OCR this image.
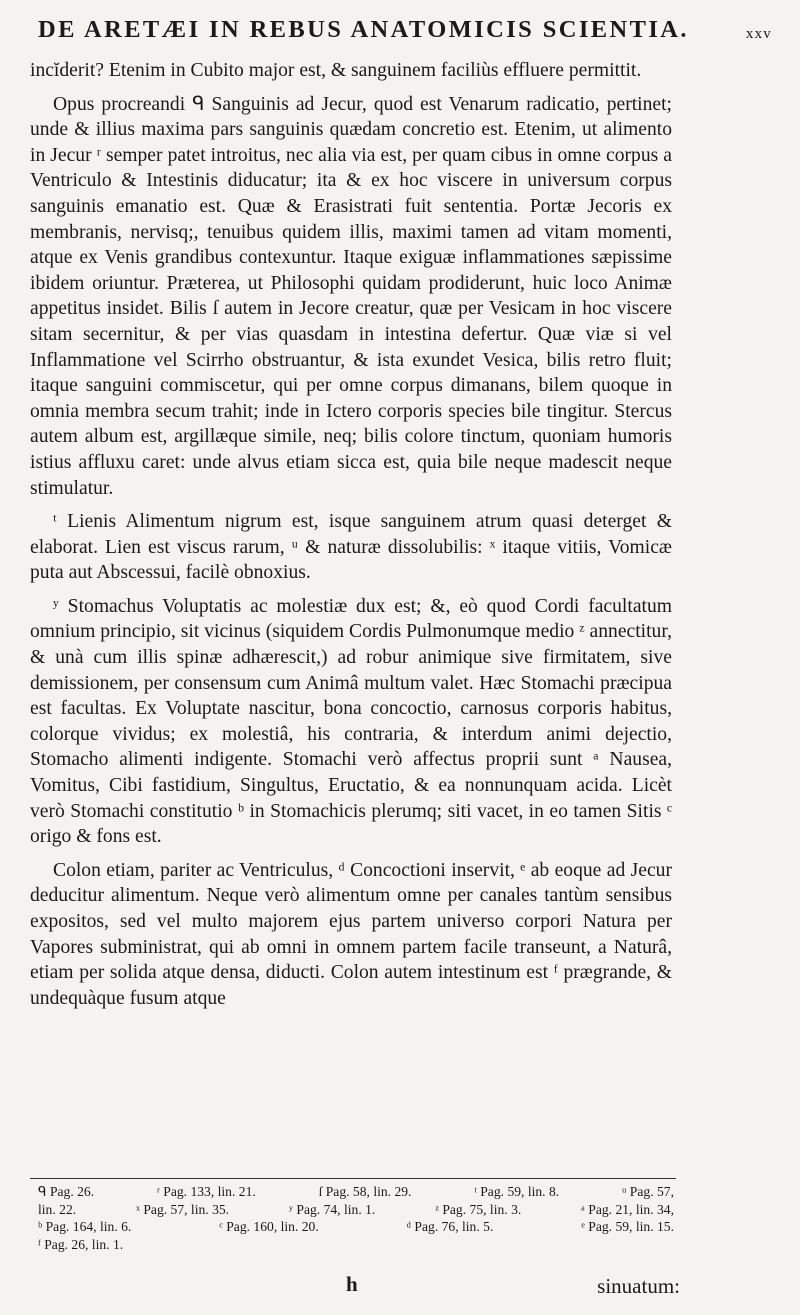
DE ARETÆI IN REBUS ANATOMICIS SCIENTIA.	xxv

incĭderit? Etenim in Cubito major est, & sanguinem faciliùs effluere permittit.

Opus procreandi ᑫ Sanguinis ad Jecur, quod est Venarum radicatio, pertinet; unde & illius maxima pars sanguinis quædam concretio est. Etenim, ut alimento in Jecur ʳ semper patet introitus, nec alia via est, per quam cibus in omne corpus a Ventriculo & Intestinis diducatur; ita & ex hoc viscere in universum corpus sanguinis emanatio est. Quæ & Erasistrati fuit sententia. Portæ Jecoris ex membranis, nervisq;, tenuibus quidem illis, maximi tamen ad vitam momenti, atque ex Venis grandibus contexuntur. Itaque exiguæ inflammationes sæpissime ibidem oriuntur. Præterea, ut Philosophi quidam prodiderunt, huic loco Animæ appetitus insidet. Bilis ſ autem in Jecore creatur, quæ per Vesicam in hoc viscere sitam secernitur, & per vias quasdam in intestina defertur. Quæ viæ si vel Inflammatione vel Scirrho obstruantur, & ista exundet Vesica, bilis retro fluit; itaque sanguini commiscetur, qui per omne corpus dimanans, bilem quoque in omnia membra secum trahit; inde in Ictero corporis species bile tingitur. Stercus autem album est, argillæque simile, neq; bilis colore tinctum, quoniam humoris istius affluxu caret: unde alvus etiam sicca est, quia bile neque madescit neque stimulatur.

ᵗ Lienis Alimentum nigrum est, isque sanguinem atrum quasi deterget & elaborat. Lien est viscus rarum, ᵘ & naturæ dissolubilis: ˣ itaque vitiis, Vomicæ puta aut Abscessui, facilè obnoxius.

ʸ Stomachus Voluptatis ac molestiæ dux est; &, eò quod Cordi facultatum omnium principio, sit vicinus (siquidem Cordis Pulmonumque medio ᶻ annectitur, & unà cum illis spinæ adhærescit,) ad robur animique sive firmitatem, sive demissionem, per consensum cum Animâ multum valet. Hæc Stomachi præcipua est facultas. Ex Voluptate nascitur, bona concoctio, carnosus corporis habitus, colorque vividus; ex molestiâ, his contraria, & interdum animi dejectio, Stomacho alimenti indigente. Stomachi verò affectus proprii sunt ᵃ Nausea, Vomitus, Cibi fastidium, Singultus, Eructatio, & ea nonnunquam acida. Licèt verò Stomachi constitutio ᵇ in Stomachicis plerumq; siti vacet, in eo tamen Sitis ᶜ origo & fons est.

Colon etiam, pariter ac Ventriculus, ᵈ Concoctioni inservit, ᵉ ab eoque ad Jecur deducitur alimentum. Neque verò alimentum omne per canales tantùm sensibus expositos, sed vel multo majorem ejus partem universo corpori Natura per Vapores subministrat, qui ab omni in omnem partem facile transeunt, a Naturâ, etiam per solida atque densa, diducti. Colon autem intestinum est ᶠ prægrande, & undequàque fusum atque

ᑫ Pag. 26.	ʳ Pag. 133, lin. 21.	ſ Pag. 58, lin. 29.	ᵗ Pag. 59, lin. 8.	ᵘ Pag. 57,
lin. 22.	ˣ Pag. 57, lin. 35.	ʸ Pag. 74, lin. 1.	ᶻ Pag. 75, lin. 3.	ᵃ Pag. 21, lin. 34,
ᵇ Pag. 164, lin. 6.	ᶜ Pag. 160, lin. 20.	ᵈ Pag. 76, lin. 5.	ᵉ Pag. 59, lin. 15.
ᶠ Pag. 26, lin. 1.
h	sinuatum:
